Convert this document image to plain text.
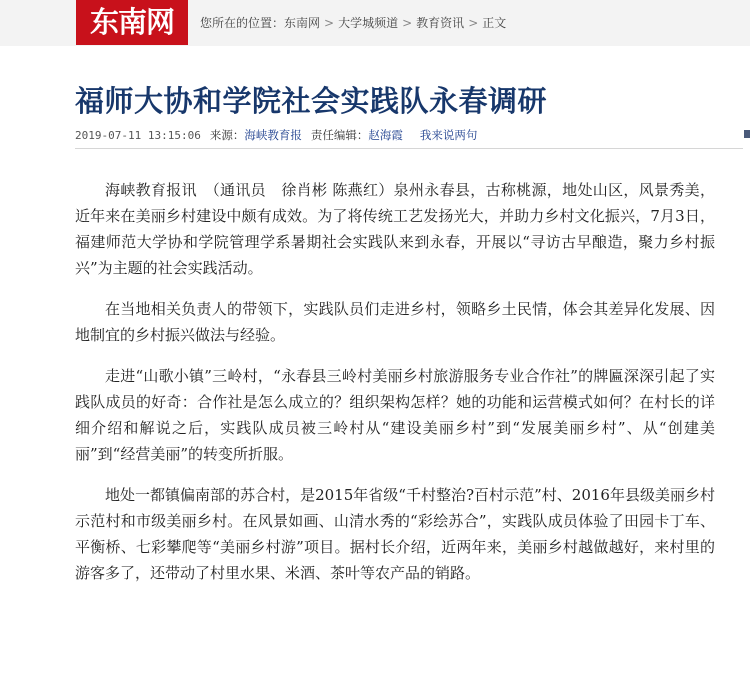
东南网	您所在的位置： 东南网 > 大学城频道 > 教育资讯 > 正文
福师大协和学院社会实践队永春调研
2019-07-11 13:15:06 来源：海峡教育报 责任编辑：赵海霞 我来说两句

海峡教育报讯　（通讯员　徐肖彬 陈燕红）泉州永春县，古称桃源，地处山区，风景秀美，近年来在美丽乡村建设中颇有成效。为了将传统工艺发扬光大，并助力乡村文化振兴，7月3日，福建师范大学协和学院管理学系暑期社会实践队来到永春，开展以“寻访古早酿造，聚力乡村振兴”为主题的社会实践活动。

在当地相关负责人的带领下，实践队员们走进乡村，领略乡土民情，体会其差异化发展、因地制宜的乡村振兴做法与经验。

走进“山歌小镇”三岭村，“永春县三岭村美丽乡村旅游服务专业合作社”的牌匾深深引起了实践队成员的好奇：合作社是怎么成立的？组织架构怎样？她的功能和运营模式如何？在村长的详细介绍和解说之后，实践队成员被三岭村从“建设美丽乡村”到“发展美丽乡村”、从“创建美丽”到“经营美丽”的转变所折服。

地处一都镇偏南部的苏合村，是2015年省级“千村整治?百村示范”村、2016年县级美丽乡村示范村和市级美丽乡村。在风景如画、山清水秀的“彩绘苏合”，实践队成员体验了田园卡丁车、平衡桥、七彩攀爬等“美丽乡村游”项目。据村长介绍，近两年来，美丽乡村越做越好，来村里的游客多了，还带动了村里水果、米酒、茶叶等农产品的销路。
